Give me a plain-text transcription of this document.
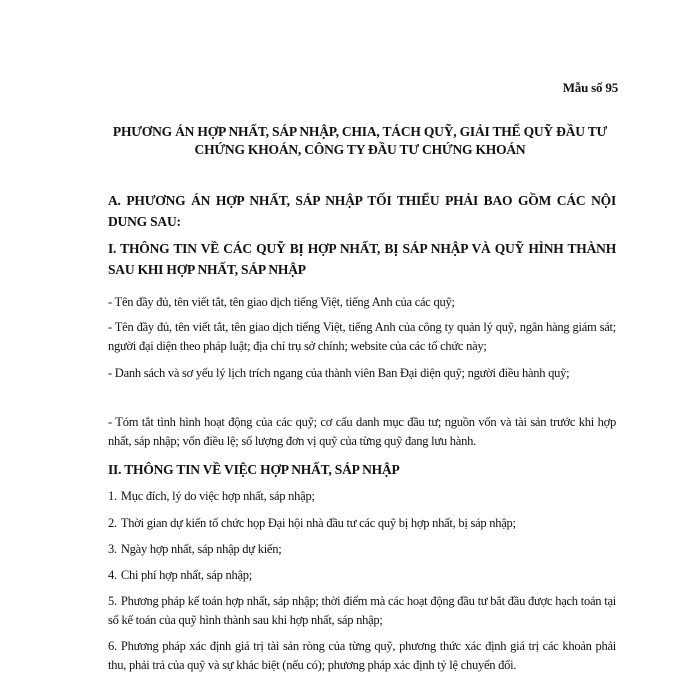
Mẫu số 95
PHƯƠNG ÁN HỢP NHẤT, SÁP NHẬP, CHIA, TÁCH QUỸ, GIẢI THỂ QUỸ ĐẦU TƯ
CHỨNG KHOÁN, CÔNG TY ĐẦU TƯ CHỨNG KHOÁN
A. PHƯƠNG ÁN HỢP NHẤT, SÁP NHẬP TỐI THIỂU PHẢI BAO GỒM CÁC NỘI DUNG SAU:
I. THÔNG TIN VỀ CÁC QUỸ BỊ HỢP NHẤT, BỊ SÁP NHẬP VÀ QUỸ HÌNH THÀNH SAU KHI HỢP NHẤT, SÁP NHẬP
- Tên đầy đủ, tên viết tắt, tên giao dịch tiếng Việt, tiếng Anh của các quỹ;
- Tên đầy đủ, tên viết tắt, tên giao dịch tiếng Việt, tiếng Anh của công ty quản lý quỹ, ngân hàng giám sát; người đại diện theo pháp luật; địa chỉ trụ sở chính; website của các tổ chức này;
- Danh sách và sơ yếu lý lịch trích ngang của thành viên Ban Đại diện quỹ; người điều hành quỹ;
- Tóm tắt tình hình hoạt động của các quỹ; cơ cấu danh mục đầu tư; nguồn vốn và tài sản trước khi hợp nhất, sáp nhập; vốn điều lệ; số lượng đơn vị quỹ của từng quỹ đang lưu hành.
II. THÔNG TIN VỀ VIỆC HỢP NHẤT, SÁP NHẬP
1. Mục đích, lý do việc hợp nhất, sáp nhập;
2. Thời gian dự kiến tổ chức họp Đại hội nhà đầu tư các quỹ bị hợp nhất, bị sáp nhập;
3. Ngày hợp nhất, sáp nhập dự kiến;
4. Chi phí hợp nhất, sáp nhập;
5. Phương pháp kế toán hợp nhất, sáp nhập; thời điểm mà các hoạt động đầu tư bắt đầu được hạch toán tại sổ kế toán của quỹ hình thành sau khi hợp nhất, sáp nhập;
6. Phương pháp xác định giá trị tài sản ròng của từng quỹ, phương thức xác định giá trị các khoản phải thu, phải trả của quỹ và sự khác biệt (nếu có); phương pháp xác định tỷ lệ chuyển đổi.
